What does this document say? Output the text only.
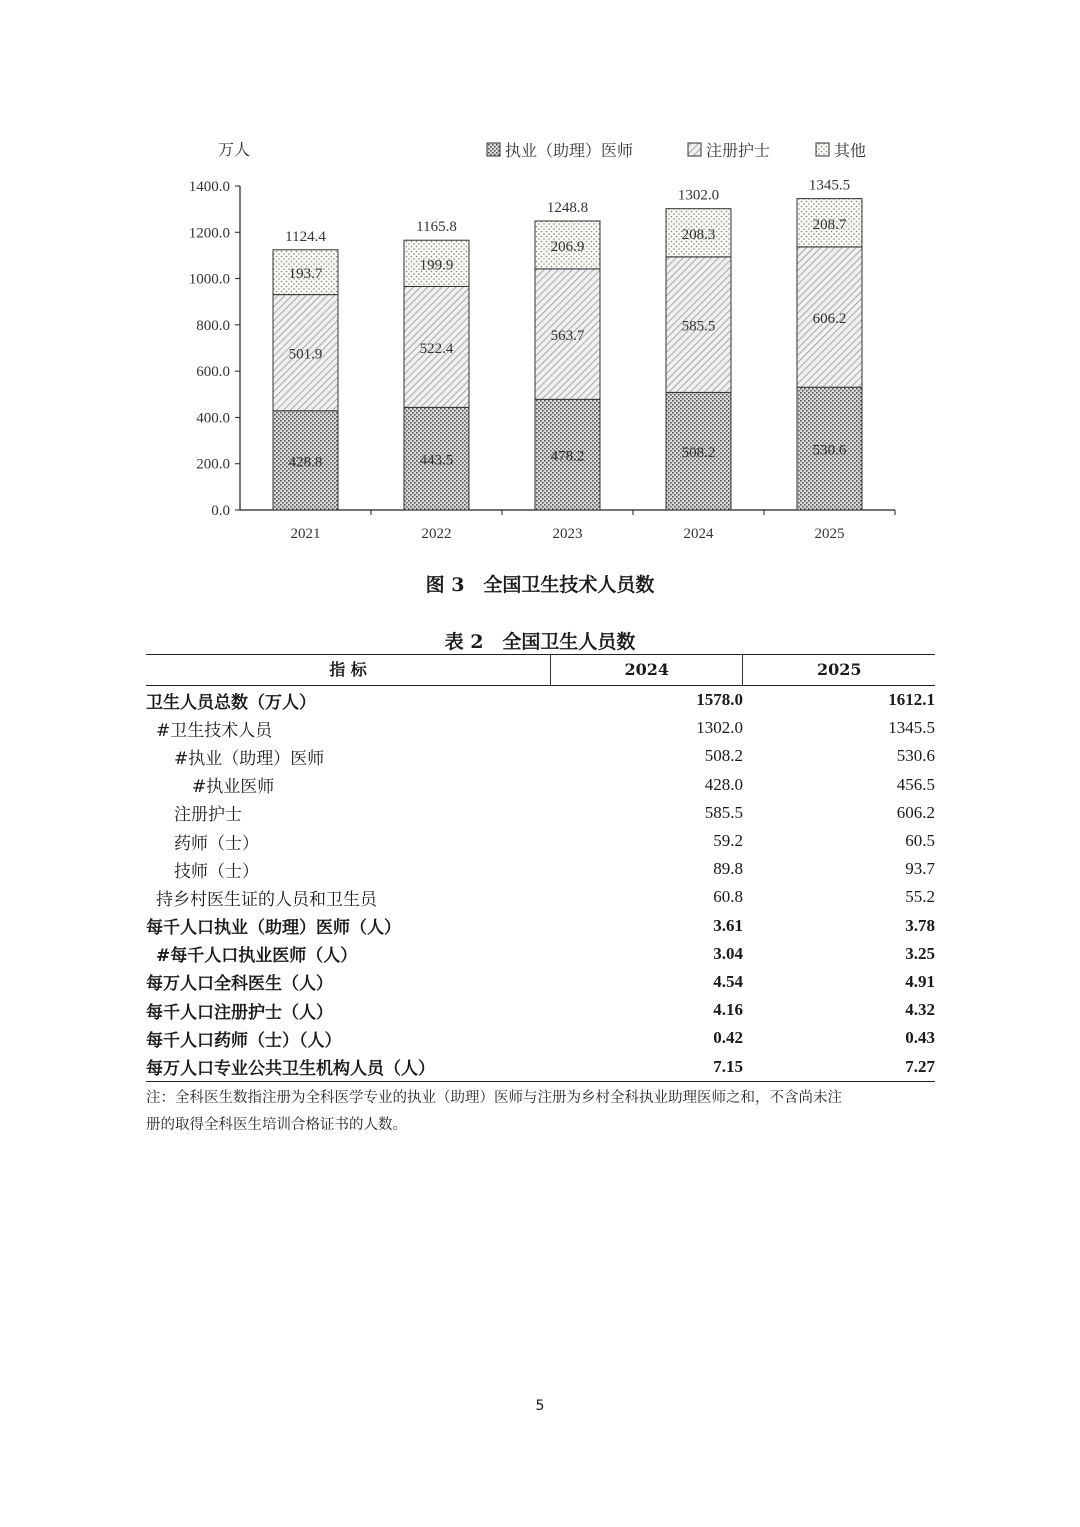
万人
0.0
200.0
400.0
600.0
800.0
1000.0
1200.0
1400.0
2021	2022	2023	2024	2025
428.8
501.9
193.7
1124.4
443.5
522.4
199.9
1165.8
478.2
563.7
206.9
1248.8
508.2
585.5
208.3
1302.0
530.6
606.2
208.7
1345.5
执业（助理）医师	注册护士	其他
图 3　全国卫生技术人员数
表 2　全国卫生人员数
指 标	2024	2025
卫生人员总数（万人）	1578.0	1612.1
#卫生技术人员	1302.0	1345.5
#执业（助理）医师	508.2	530.6
#执业医师	428.0	456.5
注册护士	585.5	606.2
药师（士）	59.2	60.5
技师（士）	89.8	93.7
持乡村医生证的人员和卫生员	60.8	55.2
每千人口执业（助理）医师（人）	3.61	3.78
#每千人口执业医师（人）	3.04	3.25
每万人口全科医生（人）	4.54	4.91
每千人口注册护士（人）	4.16	4.32
每千人口药师（士）（人）	0.42	0.43
每万人口专业公共卫生机构人员（人）	7.15	7.27
注：全科医生数指注册为全科医学专业的执业（助理）医师与注册为乡村全科执业助理医师之和，不含尚未注
册的取得全科医生培训合格证书的人数。
5
